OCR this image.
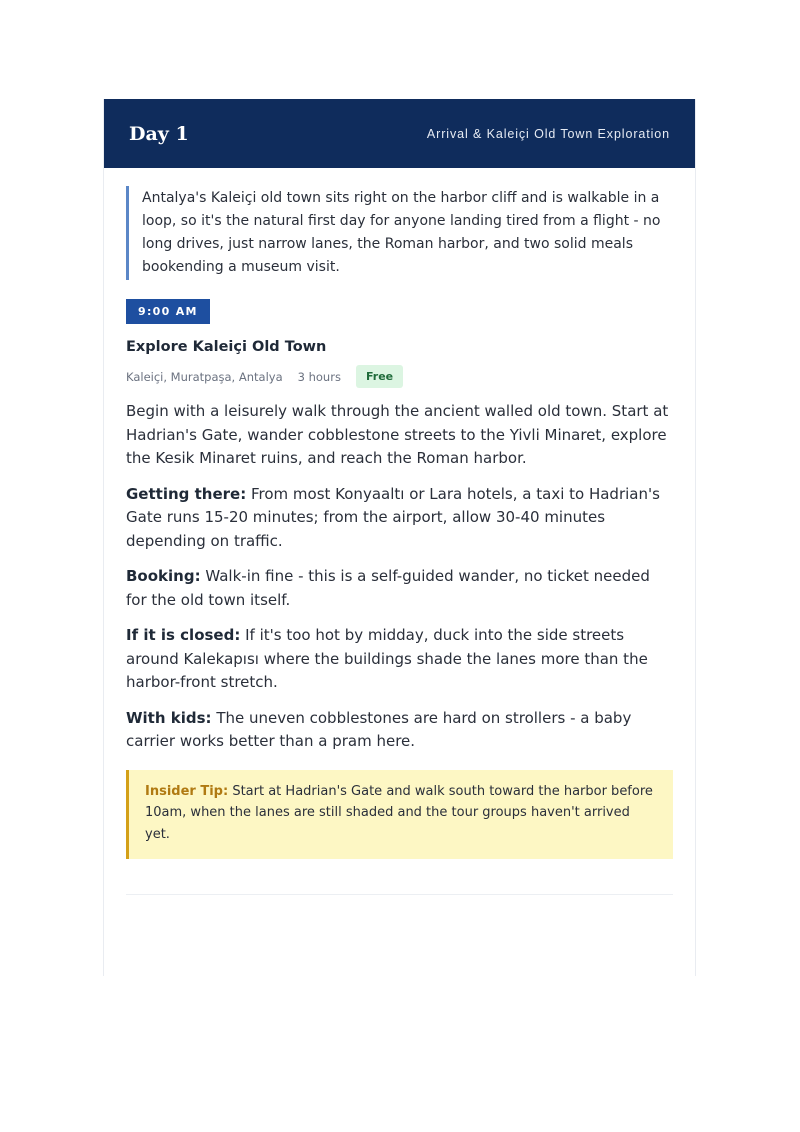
Day 1	Arrival & Kaleiçi Old Town Exploration

Antalya's Kaleiçi old town sits right on the harbor cliff and is walkable in a loop, so it's the natural first day for anyone landing tired from a flight - no long drives, just narrow lanes, the Roman harbor, and two solid meals bookending a museum visit.

9:00 AM
Explore Kaleiçi Old Town
Kaleiçi, Muratpaşa, Antalya 3 hours	Free

Begin with a leisurely walk through the ancient walled old town. Start at Hadrian's Gate, wander cobblestone streets to the Yivli Minaret, explore the Kesik Minaret ruins, and reach the Roman harbor.

Getting there: From most Konyaaltı or Lara hotels, a taxi to Hadrian's Gate runs 15-20 minutes; from the airport, allow 30-40 minutes depending on traffic.

Booking: Walk-in fine - this is a self-guided wander, no ticket needed for the old town itself.

If it is closed: If it's too hot by midday, duck into the side streets around Kalekapısı where the buildings shade the lanes more than the harbor-front stretch.

With kids: The uneven cobblestones are hard on strollers - a baby carrier works better than a pram here.

Insider Tip: Start at Hadrian's Gate and walk south toward the harbor before 10am, when the lanes are still shaded and the tour groups haven't arrived yet.
